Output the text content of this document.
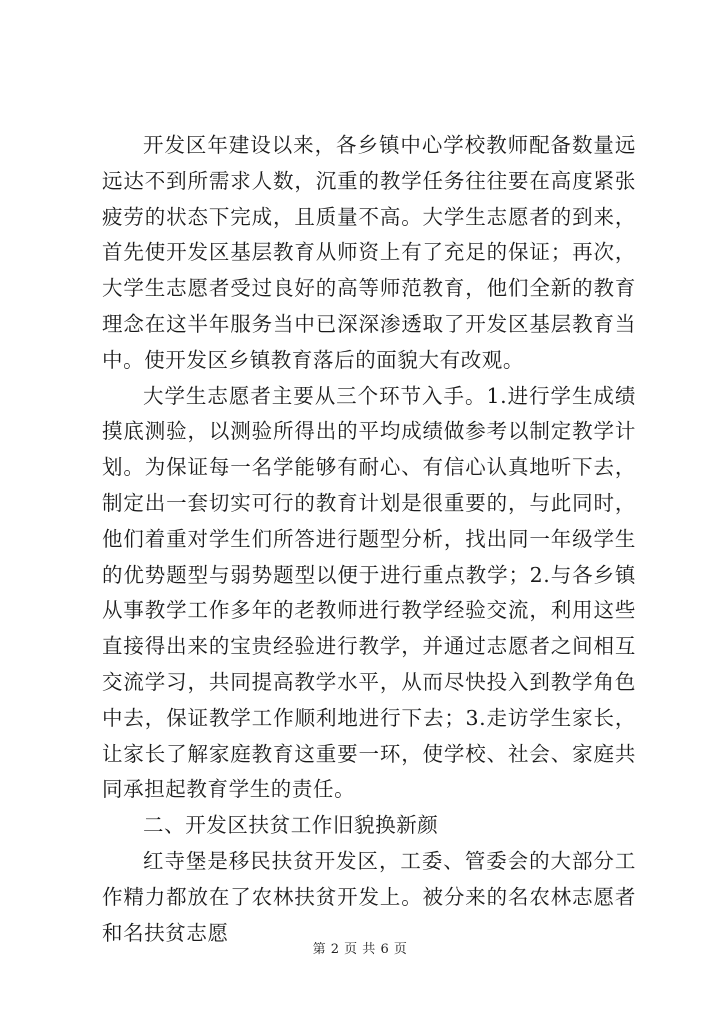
开发区年建设以来，各乡镇中心学校教师配备数量远远达不到所需求人数，沉重的教学任务往往要在高度紧张疲劳的状态下完成，且质量不高。大学生志愿者的到来，首先使开发区基层教育从师资上有了充足的保证；再次，大学生志愿者受过良好的高等师范教育，他们全新的教育理念在这半年服务当中已深深渗透取了开发区基层教育当中。使开发区乡镇教育落后的面貌大有改观。

大学生志愿者主要从三个环节入手。1.进行学生成绩摸底测验，以测验所得出的平均成绩做参考以制定教学计划。为保证每一名学能够有耐心、有信心认真地听下去，制定出一套切实可行的教育计划是很重要的，与此同时，他们着重对学生们所答进行题型分析，找出同一年级学生的优势题型与弱势题型以便于进行重点教学；2.与各乡镇从事教学工作多年的老教师进行教学经验交流，利用这些直接得出来的宝贵经验进行教学，并通过志愿者之间相互交流学习，共同提高教学水平，从而尽快投入到教学角色中去，保证教学工作顺利地进行下去；3.走访学生家长，让家长了解家庭教育这重要一环，使学校、社会、家庭共同承担起教育学生的责任。

二、开发区扶贫工作旧貌换新颜

红寺堡是移民扶贫开发区，工委、管委会的大部分工作精力都放在了农林扶贫开发上。被分来的名农林志愿者和名扶贫志愿

第 2 页 共 6 页
